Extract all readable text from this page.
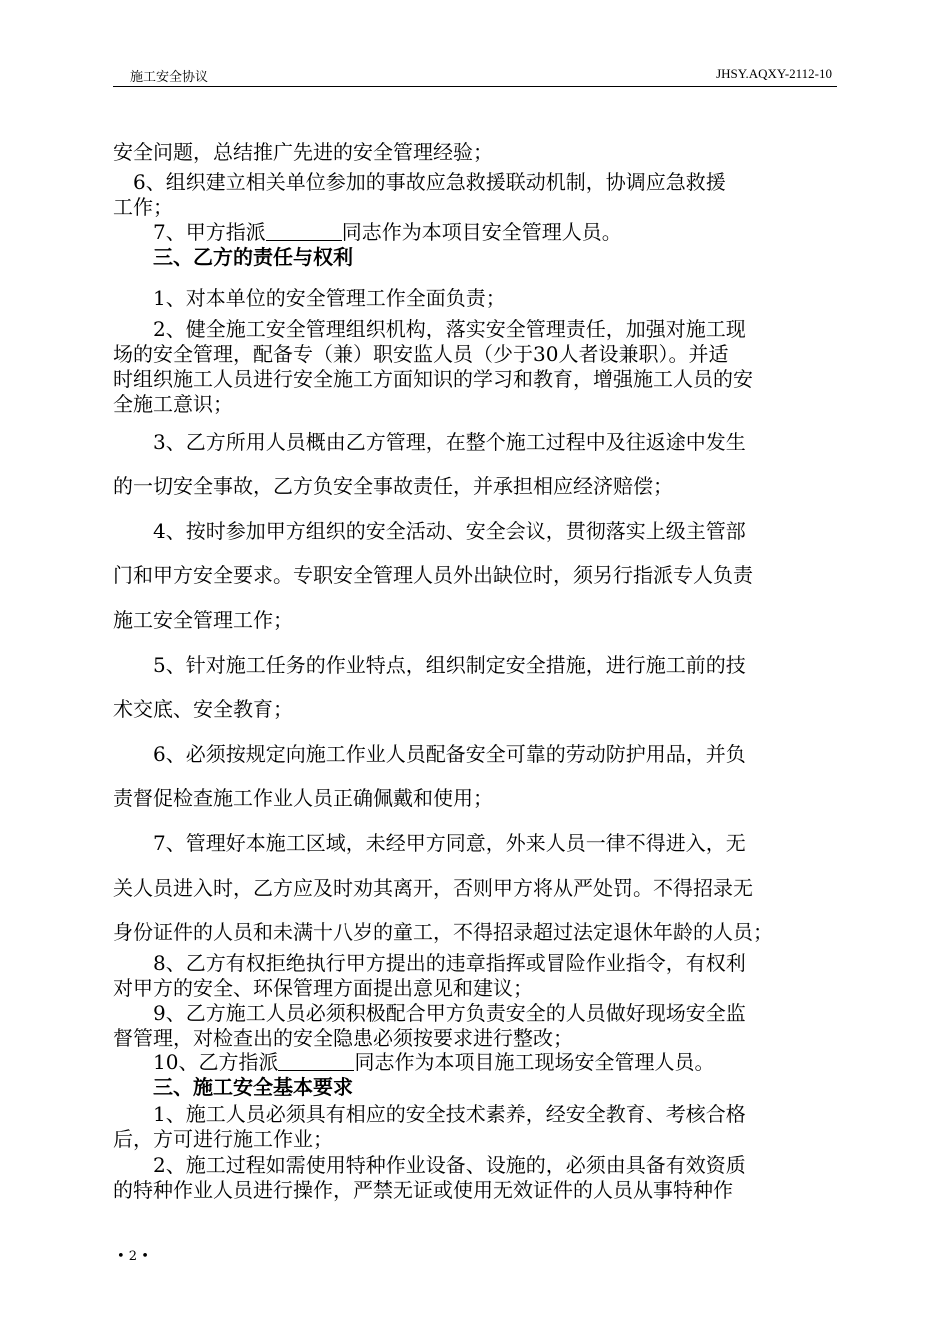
施工安全协议	JHSY.AQXY-2112-10
安全问题，总结推广先进的安全管理经验；
　6、组织建立相关单位参加的事故应急救援联动机制，协调应急救援
工作；
　　7、甲方指派	同志作为本项目安全管理人员。
　　三、乙方的责任与权利
　　1、对本单位的安全管理工作全面负责；
　　2、健全施工安全管理组织机构，落实安全管理责任，加强对施工现
场的安全管理，配备专（兼）职安监人员（少于30人者设兼职）。并适
时组织施工人员进行安全施工方面知识的学习和教育，增强施工人员的安
全施工意识；
　　3、乙方所用人员概由乙方管理，在整个施工过程中及往返途中发生
的一切安全事故，乙方负安全事故责任，并承担相应经济赔偿；
　　4、按时参加甲方组织的安全活动、安全会议，贯彻落实上级主管部
门和甲方安全要求。专职安全管理人员外出缺位时，须另行指派专人负责
施工安全管理工作；
　　5、针对施工任务的作业特点，组织制定安全措施，进行施工前的技
术交底、安全教育；
　　6、必须按规定向施工作业人员配备安全可靠的劳动防护用品，并负
责督促检查施工作业人员正确佩戴和使用；
　　7、管理好本施工区域，未经甲方同意，外来人员一律不得进入，无
关人员进入时，乙方应及时劝其离开，否则甲方将从严处罚。不得招录无
身份证件的人员和未满十八岁的童工，不得招录超过法定退休年龄的人员；
　　8、乙方有权拒绝执行甲方提出的违章指挥或冒险作业指令，有权利
对甲方的安全、环保管理方面提出意见和建议；
　　9、乙方施工人员必须积极配合甲方负责安全的人员做好现场安全监
督管理，对检查出的安全隐患必须按要求进行整改；
　　10、乙方指派	同志作为本项目施工现场安全管理人员。
　　三、施工安全基本要求
　　1、施工人员必须具有相应的安全技术素养，经安全教育、考核合格
后，方可进行施工作业；
　　2、施工过程如需使用特种作业设备、设施的，必须由具备有效资质
的特种作业人员进行操作，严禁无证或使用无效证件的人员从事特种作
• 2 •
